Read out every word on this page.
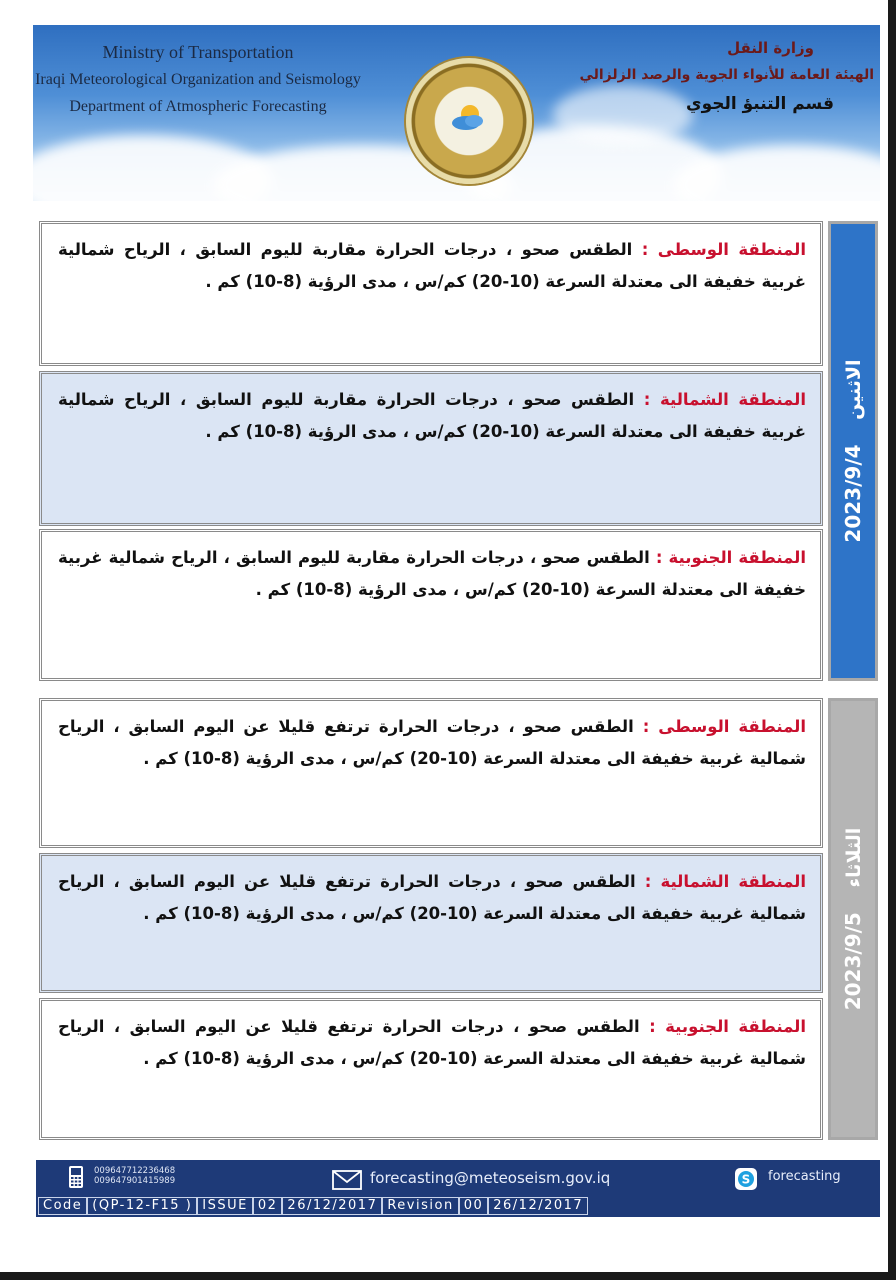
Ministry of Transportation
Iraqi Meteorological Organization and Seismology
Department of Atmospheric Forecasting
وزارة النقل
الهيئة العامة للأنواء الجوية والرصد الزلزالي
قسم التنبؤ الجوي
المنطقة الوسطى : الطقس صحو ، درجات الحرارة مقاربة لليوم السابق ، الرياح شمالية غربية خفيفة الى معتدلة السرعة (10-20) كم/س ، مدى الرؤية (8-10) كم .
المنطقة الشمالية : الطقس صحو ، درجات الحرارة مقاربة لليوم السابق ، الرياح شمالية غربية خفيفة الى معتدلة السرعة (10-20) كم/س ، مدى الرؤية (8-10) كم .
المنطقة الجنوبية : الطقس صحو ، درجات الحرارة مقاربة لليوم السابق ، الرياح شمالية غربية خفيفة الى معتدلة السرعة (10-20) كم/س ، مدى الرؤية (8-10) كم .
الاثنين 2023/9/4
المنطقة الوسطى : الطقس صحو ، درجات الحرارة ترتفع قليلا عن اليوم السابق ، الرياح شمالية غربية خفيفة الى معتدلة السرعة (10-20) كم/س ، مدى الرؤية (8-10) كم .
المنطقة الشمالية : الطقس صحو ، درجات الحرارة ترتفع قليلا عن اليوم السابق ، الرياح شمالية غربية خفيفة الى معتدلة السرعة (10-20) كم/س ، مدى الرؤية (8-10) كم .
المنطقة الجنوبية : الطقس صحو ، درجات الحرارة ترتفع قليلا عن اليوم السابق ، الرياح شمالية غربية خفيفة الى معتدلة السرعة (10-20) كم/س ، مدى الرؤية (8-10) كم .
الثلاثاء 2023/9/5
009647712236468
009647901415989	forecasting@meteoseism.gov.iq	S forecasting
Code (QP-12-F15 ) ISSUE 02 26/12/2017 Revision 00 26/12/2017
